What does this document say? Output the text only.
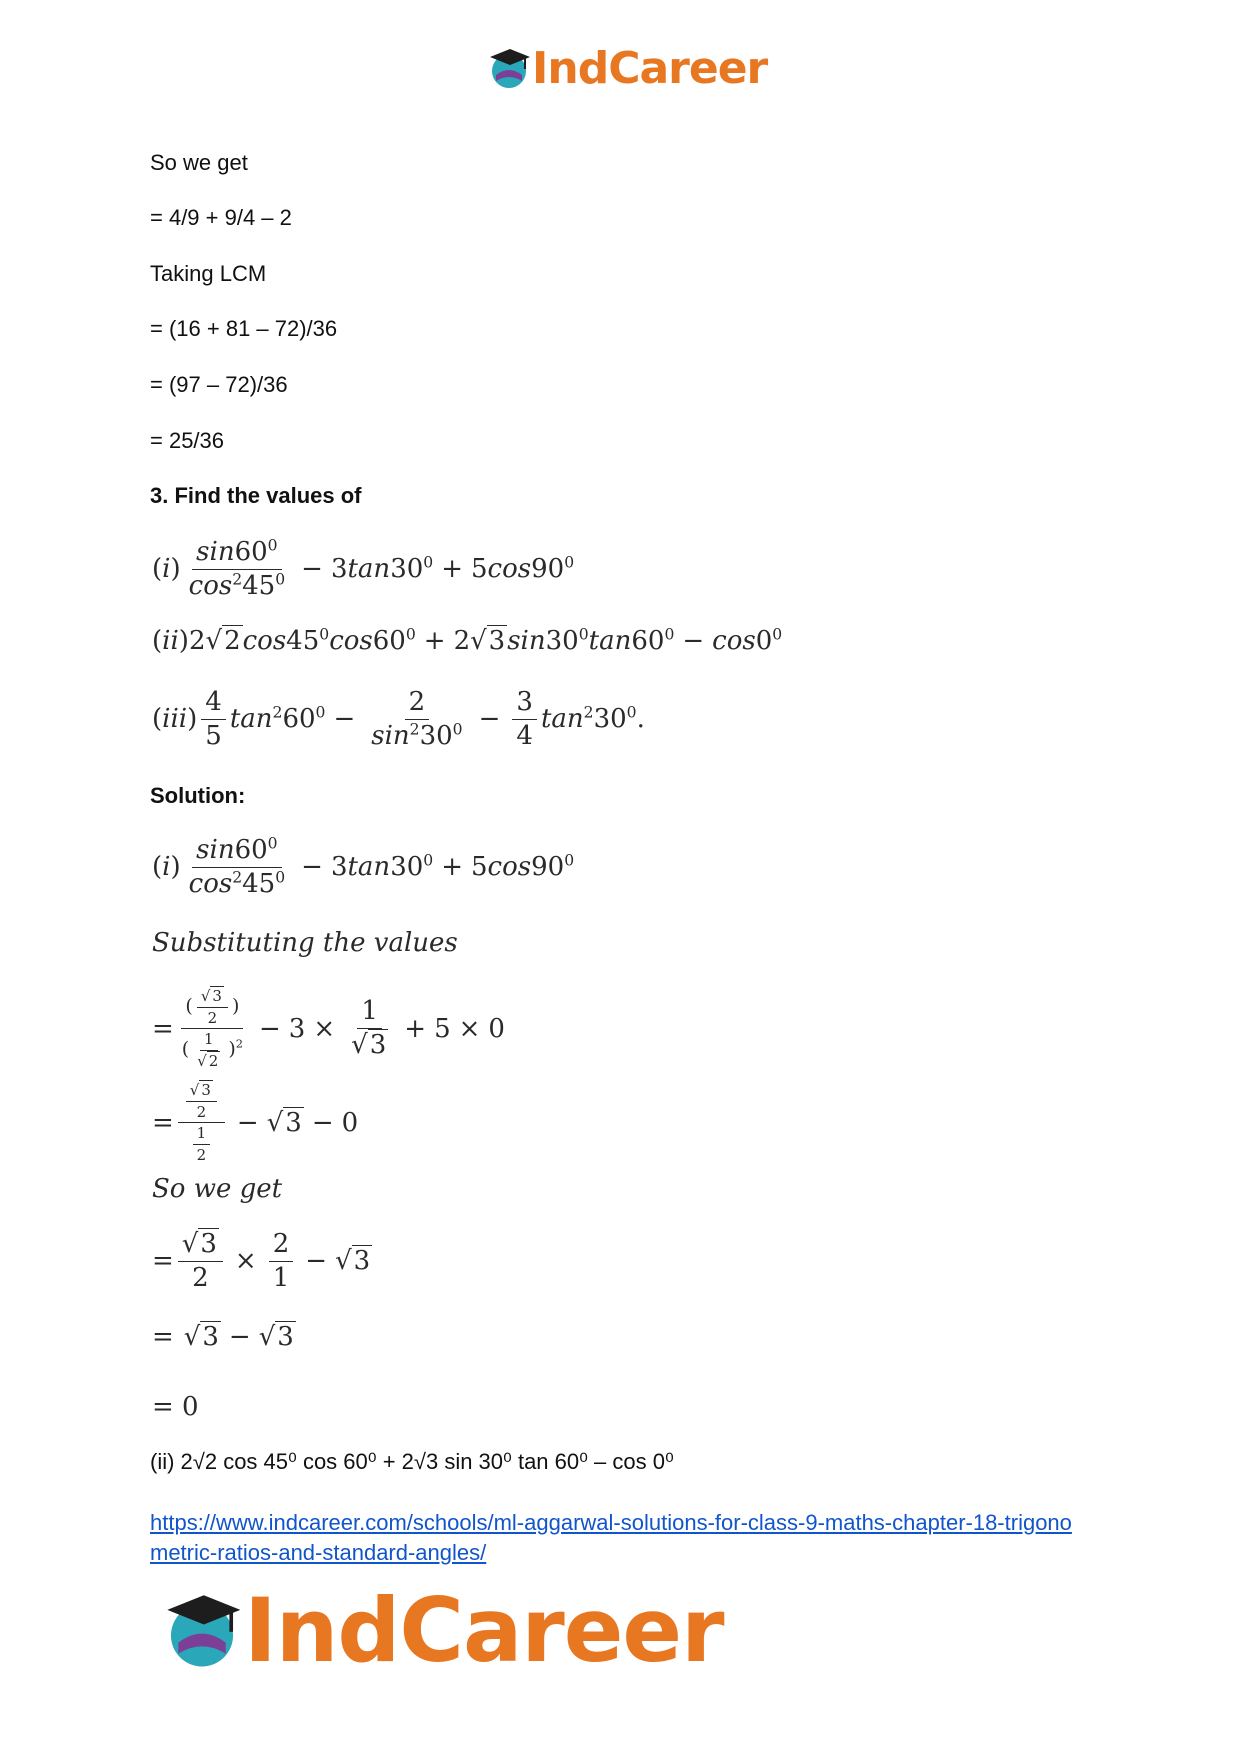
IndCareer
So we get
= 4/9 + 9/4 – 2
Taking LCM
= (16 + 81 – 72)/36
= (97 – 72)/36
= 25/36
3. Find the values of
$(i) \frac{\sin 60^0}{\cos^245^0} - 3\tan 30^0 + 5\cos 90^0$
$(ii)2√2\cos 45^0\cos 60^0 + 2√3\sin 30^0\tan 60^0 - \cos 0^0$
$(iii) \frac{4}{5} \tan^260^0 - \frac{2}{\sin^230^0} - \frac{3}{4} \tan^230^0$.
Solution:
$(i) \frac{\sin 60^0}{\cos^245^0} - 3\tan 30^0 + 5\cos 90^0$
Substituting the values
= $\frac{( \frac{√ 3}{2} )}{( \frac{1}{√ 2} )^2} - 3 \times \frac{1}{√3} + 5 \times 0$
= $\frac{\frac{√ 3}{2}}{\frac{1}{2}} - √3 - 0$
So we get
= $\frac{√3}{2} \times \frac{2}{1} - √3$
= √3 − √3
= 0
(ii) 2√2 cos 45⁰ cos 60⁰ + 2√3 sin 30⁰ tan 60⁰ – cos 0⁰
https://www.indcareer.com/schools/ml-aggarwal-solutions-for-class-9-maths-chapter-18-trigonometric-ratios-and-standard-angles/
IndCareer
